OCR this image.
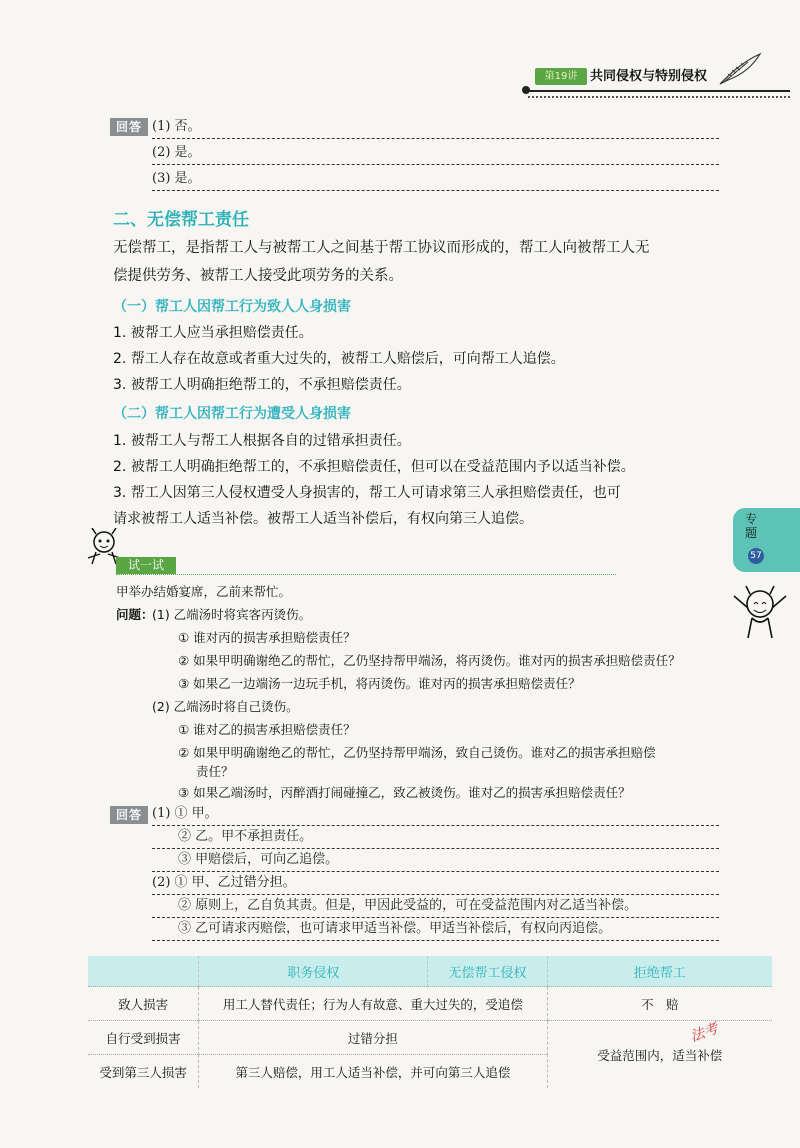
第19讲 共同侵权与特别侵权
回答 (1) 否。
(2) 是。
(3) 是。
二、无偿帮工责任
无偿帮工，是指帮工人与被帮工人之间基于帮工协议而形成的，帮工人向被帮工人无
偿提供劳务、被帮工人接受此项劳务的关系。
（一）帮工人因帮工行为致人人身损害
1. 被帮工人应当承担赔偿责任。
2. 帮工人存在故意或者重大过失的，被帮工人赔偿后，可向帮工人追偿。
3. 被帮工人明确拒绝帮工的，不承担赔偿责任。
（二）帮工人因帮工行为遭受人身损害
1. 被帮工人与帮工人根据各自的过错承担责任。
2. 被帮工人明确拒绝帮工的，不承担赔偿责任，但可以在受益范围内予以适当补偿。
3. 帮工人因第三人侵权遭受人身损害的，帮工人可请求第三人承担赔偿责任，也可
请求被帮工人适当补偿。被帮工人适当补偿后，有权向第三人追偿。	专题
57
试一试
甲举办结婚宴席，乙前来帮忙。
问题：
(1) 乙端汤时将宾客丙烫伤。
① 谁对丙的损害承担赔偿责任？
② 如果甲明确谢绝乙的帮忙，乙仍坚持帮甲端汤，将丙烫伤。谁对丙的损害承担赔偿责任？
③ 如果乙一边端汤一边玩手机，将丙烫伤。谁对丙的损害承担赔偿责任？
(2) 乙端汤时将自己烫伤。
① 谁对乙的损害承担赔偿责任？
② 如果甲明确谢绝乙的帮忙，乙仍坚持帮甲端汤，致自己烫伤。谁对乙的损害承担赔偿
责任？
③ 如果乙端汤时，丙醉酒打闹碰撞乙，致乙被烫伤。谁对乙的损害承担赔偿责任？
回答 (1) ① 甲。
② 乙。甲不承担责任。
③ 甲赔偿后，可向乙追偿。
(2) ① 甲、乙过错分担。
② 原则上，乙自负其责。但是，甲因此受益的，可在受益范围内对乙适当补偿。
③ 乙可请求丙赔偿，也可请求甲适当补偿。甲适当补偿后，有权向丙追偿。
	职务侵权	无偿帮工侵权	拒绝帮工
致人损害	用工人替代责任；行为人有故意、重大过失的，受追偿		不　赔
自行受到损害	过错分担		受益范围内，适当补偿
受到第三人损害	第三人赔偿，用工人适当补偿，并可向第三人追偿		
法考
